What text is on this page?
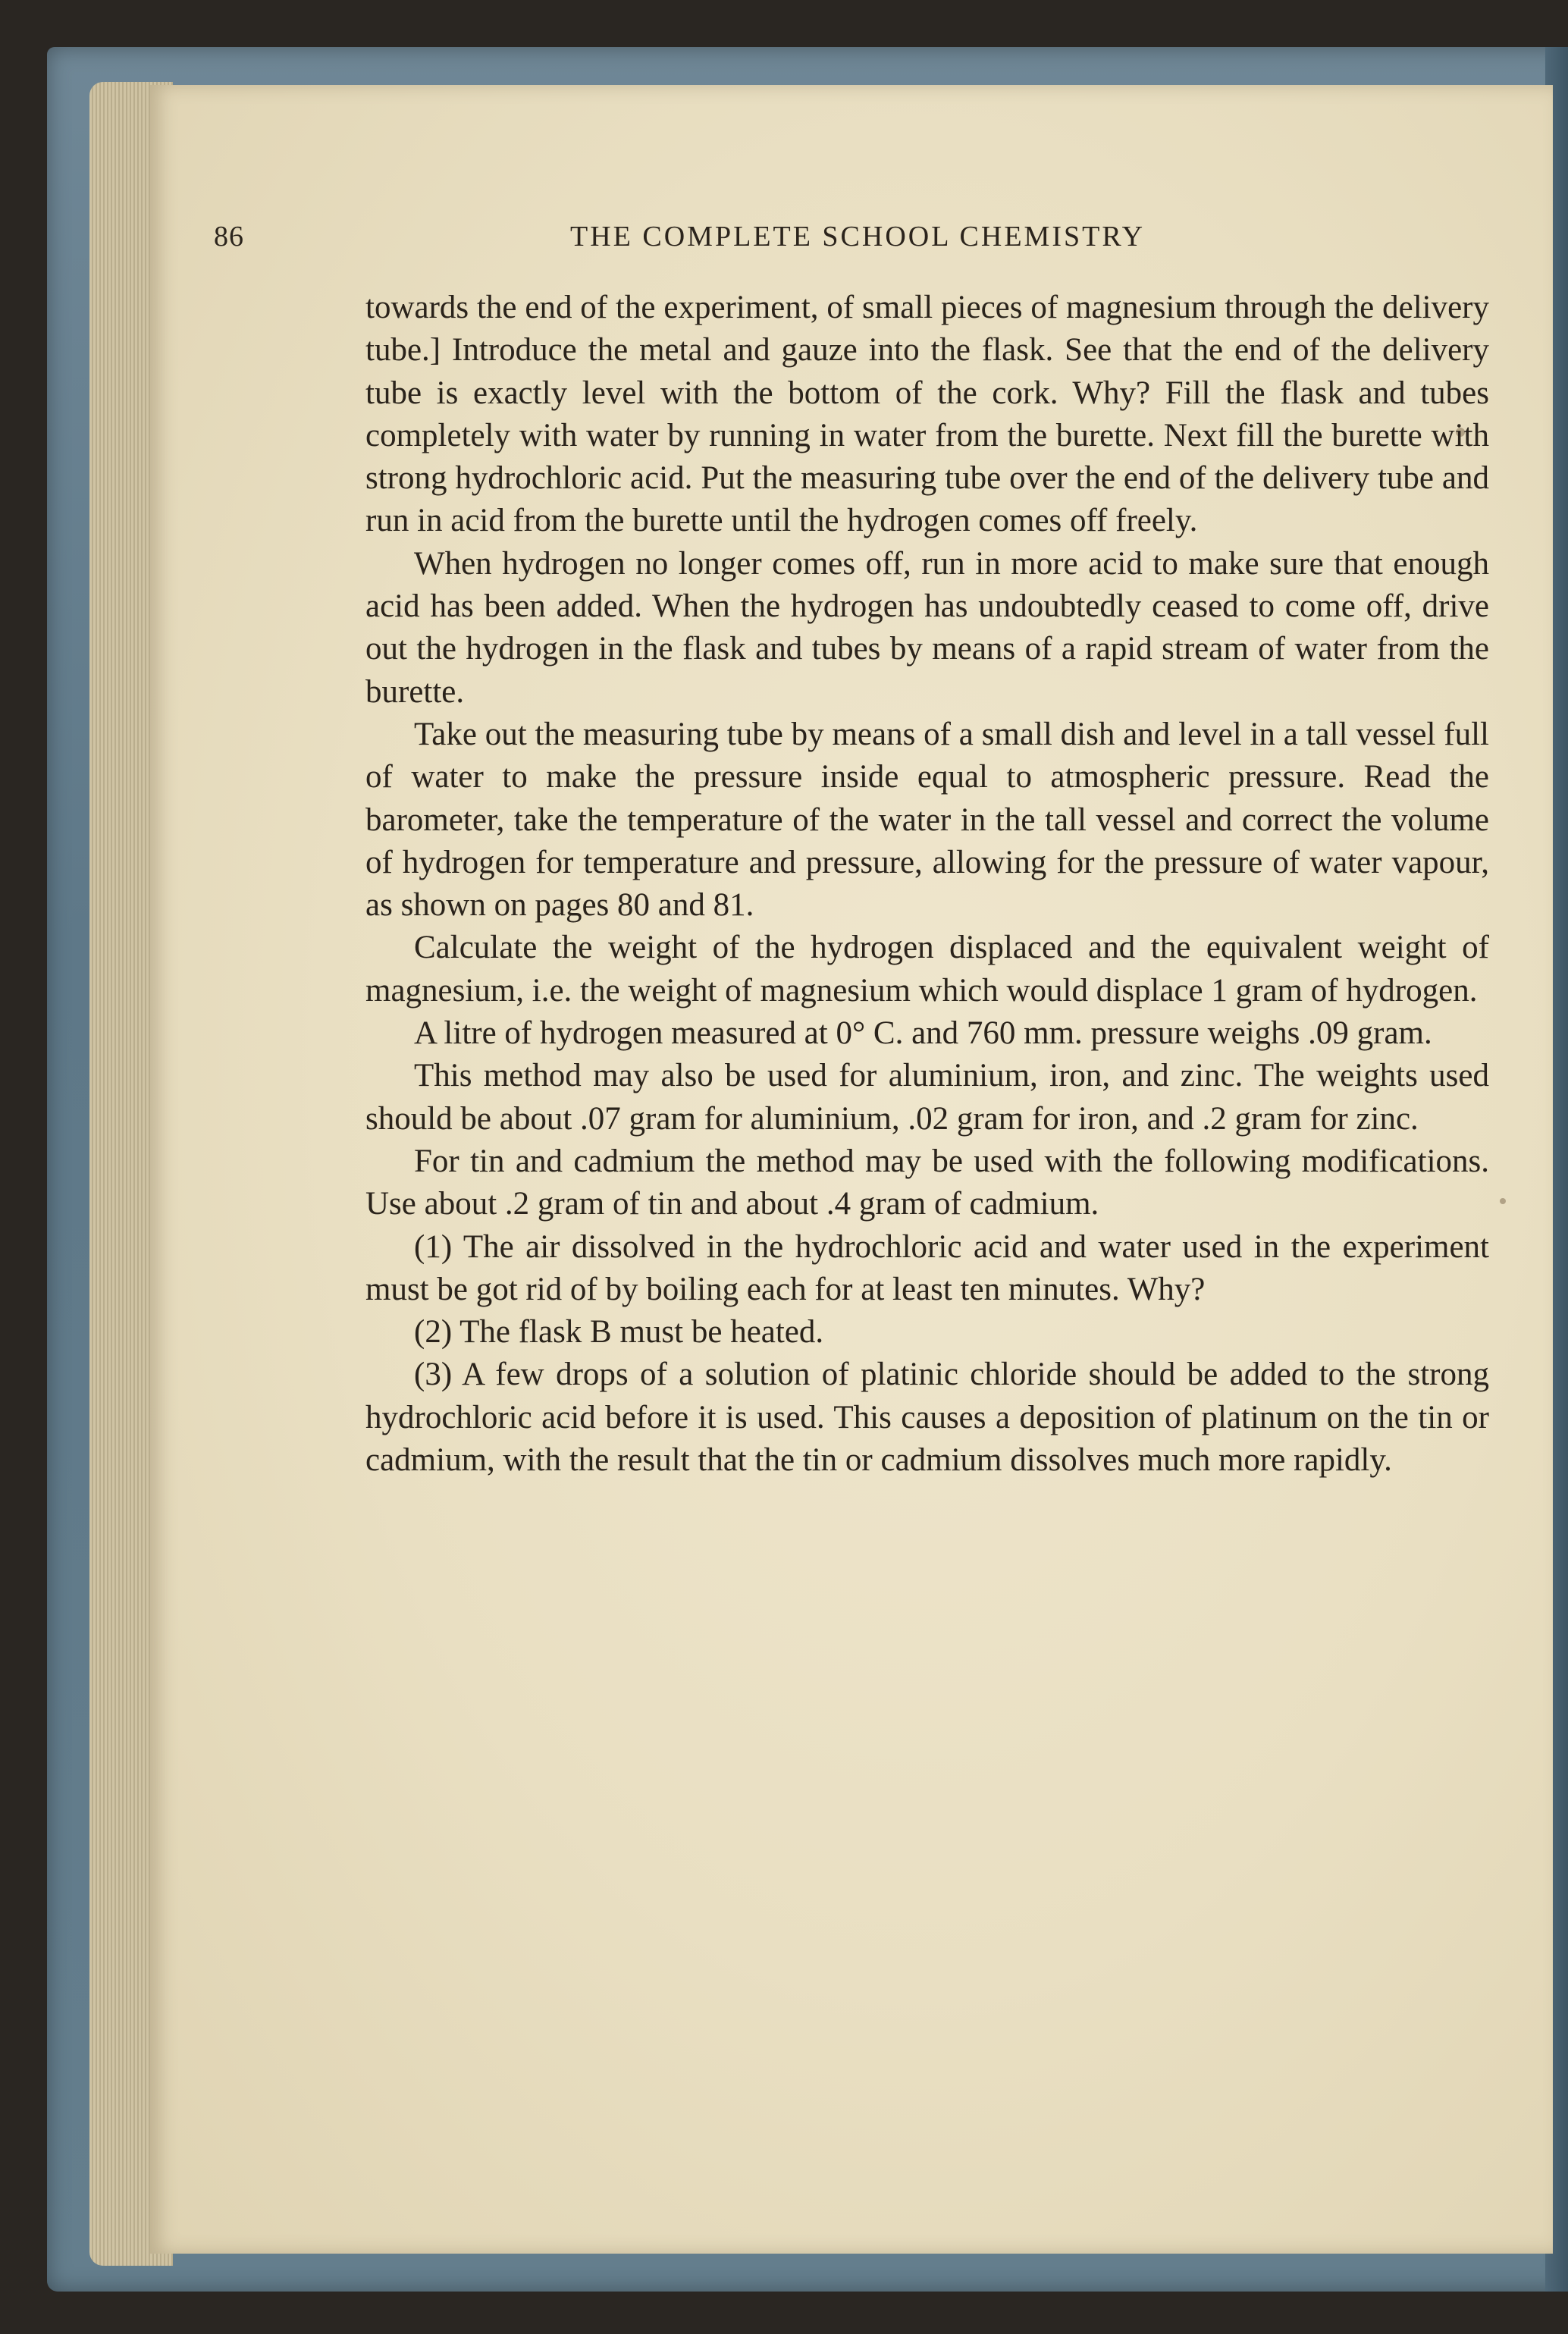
86	THE COMPLETE SCHOOL CHEMISTRY

towards the end of the experiment, of small pieces of magnesium through the delivery tube.] Introduce the metal and gauze into the flask. See that the end of the delivery tube is exactly level with the bottom of the cork. Why? Fill the flask and tubes completely with water by running in water from the burette. Next fill the burette with strong hydrochloric acid. Put the measuring tube over the end of the delivery tube and run in acid from the burette until the hydrogen comes off freely.

When hydrogen no longer comes off, run in more acid to make sure that enough acid has been added. When the hydrogen has undoubtedly ceased to come off, drive out the hydrogen in the flask and tubes by means of a rapid stream of water from the burette.

Take out the measuring tube by means of a small dish and level in a tall vessel full of water to make the pressure inside equal to atmospheric pressure. Read the barometer, take the temperature of the water in the tall vessel and correct the volume of hydrogen for temperature and pressure, allowing for the pressure of water vapour, as shown on pages 80 and 81.

Calculate the weight of the hydrogen displaced and the equivalent weight of magnesium, i.e. the weight of magnesium which would displace 1 gram of hydrogen.

A litre of hydrogen measured at 0° C. and 760 mm. pressure weighs .09 gram.

This method may also be used for aluminium, iron, and zinc. The weights used should be about .07 gram for aluminium, .02 gram for iron, and .2 gram for zinc.

For tin and cadmium the method may be used with the following modifications. Use about .2 gram of tin and about .4 gram of cadmium.

(1) The air dissolved in the hydrochloric acid and water used in the experiment must be got rid of by boiling each for at least ten minutes. Why?

(2) The flask B must be heated.

(3) A few drops of a solution of platinic chloride should be added to the strong hydrochloric acid before it is used. This causes a deposition of platinum on the tin or cadmium, with the result that the tin or cadmium dissolves much more rapidly.
